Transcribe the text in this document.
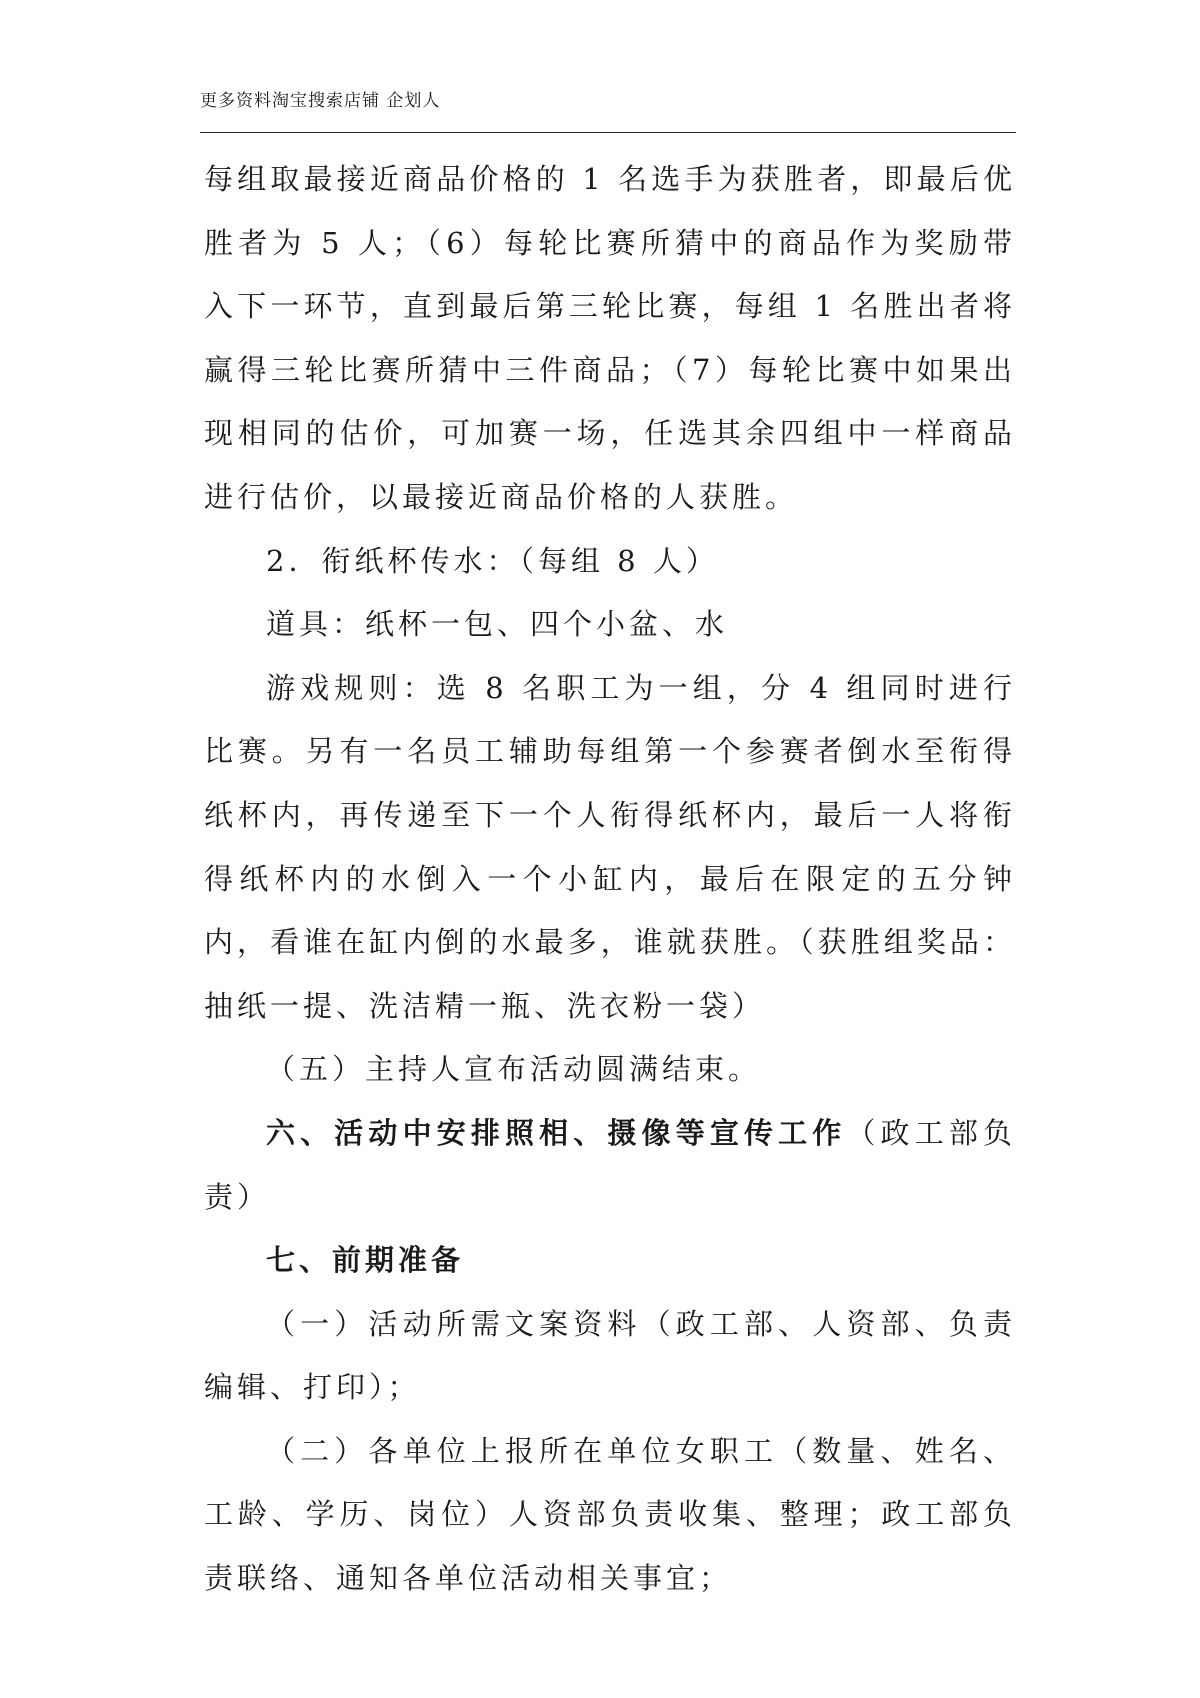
更多资料淘宝搜索店铺 企划人

每组取最接近商品价格的 1 名选手为获胜者，即最后优胜者为 5 人；（6）每轮比赛所猜中的商品作为奖励带入下一环节，直到最后第三轮比赛，每组 1 名胜出者将赢得三轮比赛所猜中三件商品；（7）每轮比赛中如果出现相同的估价，可加赛一场，任选其余四组中一样商品进行估价，以最接近商品价格的人获胜。

2．衔纸杯传水：（每组 8 人）

道具：纸杯一包、四个小盆、水

游戏规则：选 8 名职工为一组，分 4 组同时进行比赛。另有一名员工辅助每组第一个参赛者倒水至衔得纸杯内，再传递至下一个人衔得纸杯内，最后一人将衔得纸杯内的水倒入一个小缸内，最后在限定的五分钟内，看谁在缸内倒的水最多，谁就获胜。（获胜组奖品：抽纸一提、洗洁精一瓶、洗衣粉一袋）

（五）主持人宣布活动圆满结束。

六、活动中安排照相、摄像等宣传工作（政工部负责）

七、前期准备

（一）活动所需文案资料（政工部、人资部、负责编辑、打印）；

（二）各单位上报所在单位女职工（数量、姓名、工龄、学历、岗位）人资部负责收集、整理；政工部负责联络、通知各单位活动相关事宜；
